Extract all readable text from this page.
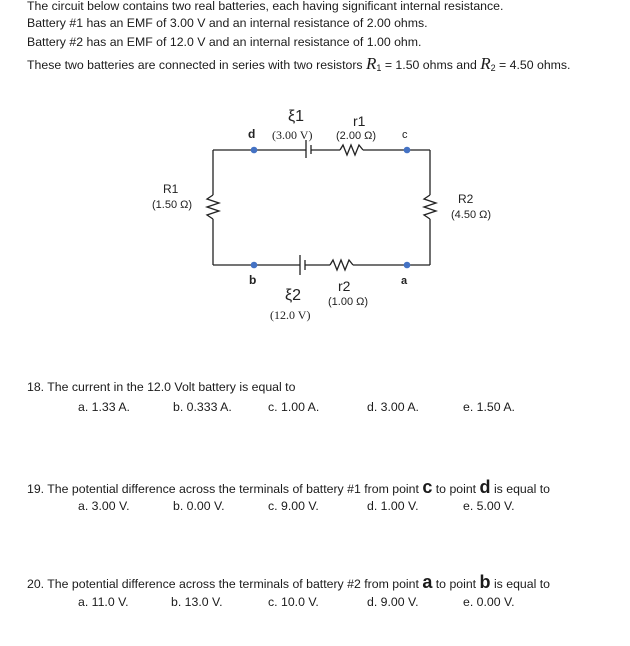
The circuit below contains two real batteries, each having significant internal resistance.
Battery #1 has an EMF of 3.00 V and an internal resistance of 2.00 ohms.
Battery #2 has an EMF of 12.0 V and an internal resistance of 1.00 ohm.
These two batteries are connected in series with two resistors $R_1 = 1.50$ ohms and $R_2 = 4.50$ ohms.
ξ1	r1
d (3.00 V) (2.00 Ω) c
R1
(1.50 Ω)	R2
(4.50 Ω)
b	a
r2
ξ2 (1.00 Ω)
(12.0 V)
18. The current in the 12.0 Volt battery is equal to
a. 1.33 A.	b. 0.333 A.	c. 1.00 A.	d. 3.00 A.	e. 1.50 A.
19. The potential difference across the terminals of battery #1 from point c to point d is equal to
a. 3.00 V.	b. 0.00 V.	c. 9.00 V.	d. 1.00 V.	e. 5.00 V.
20. The potential difference across the terminals of battery #2 from point a to point b is equal to
a. 11.0 V.	b. 13.0 V.	c. 10.0 V.	d. 9.00 V.	e. 0.00 V.
